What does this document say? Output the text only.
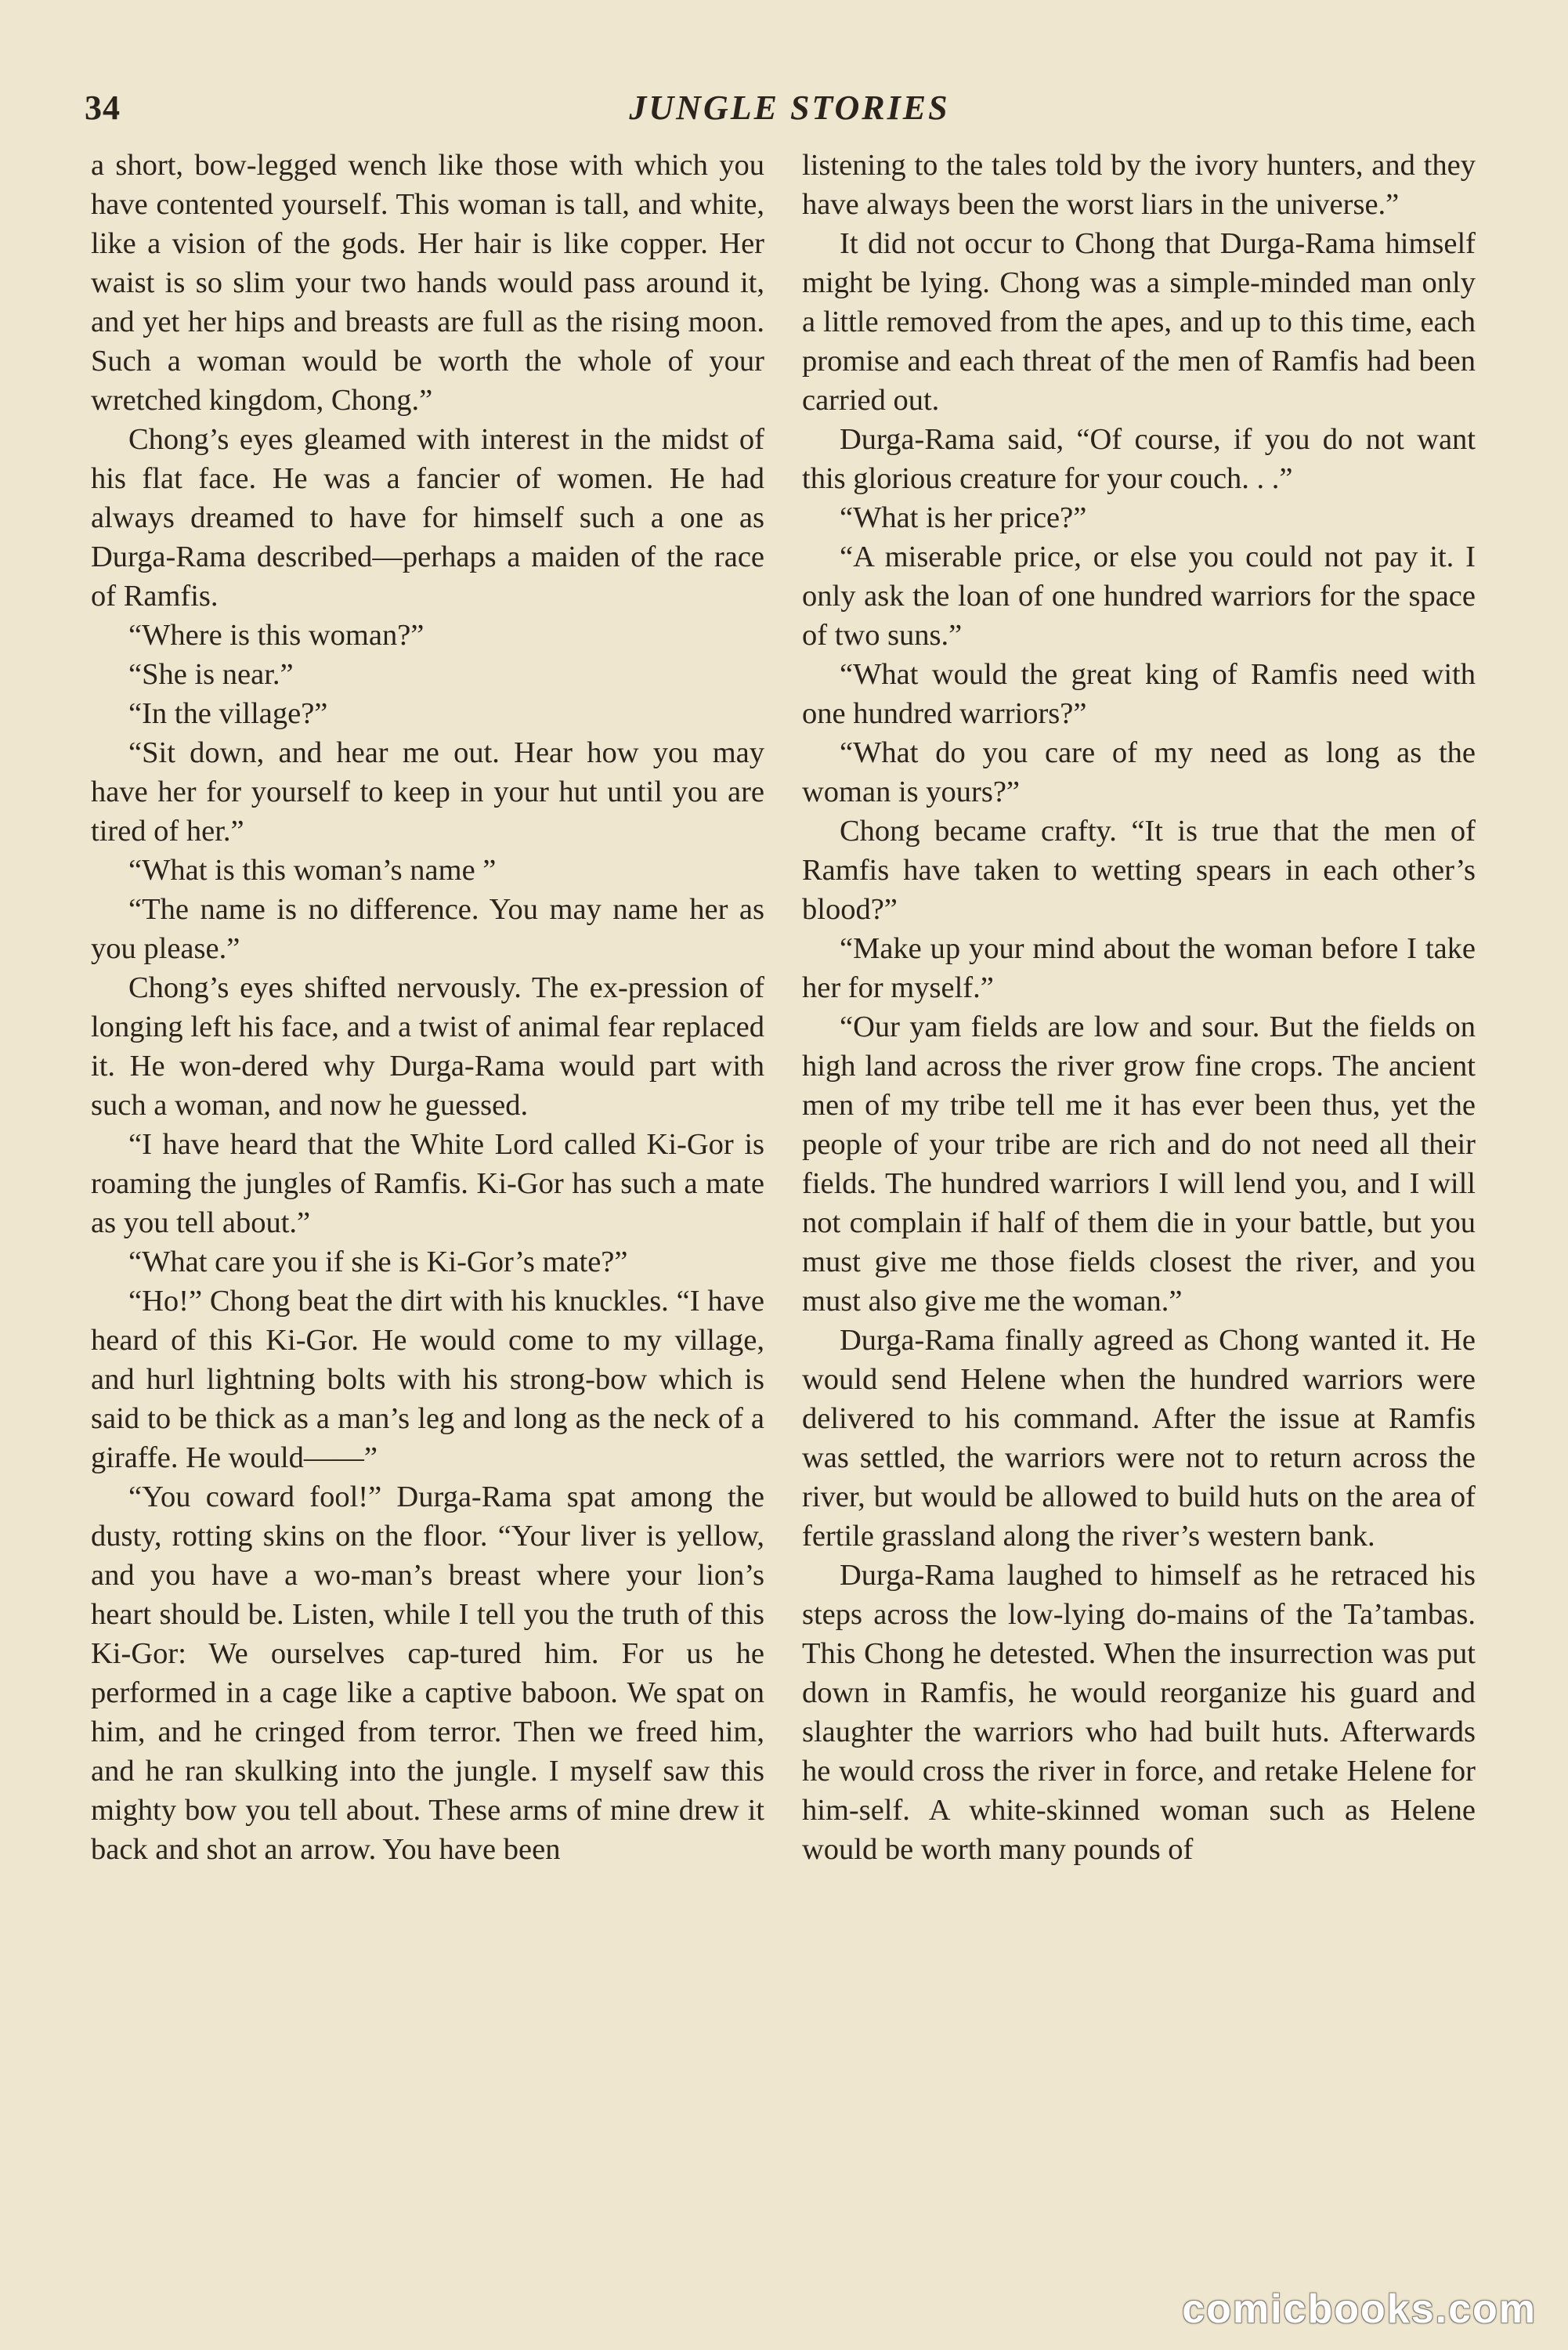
34	JUNGLE STORIES

a short, bow-legged wench like those with which you have contented yourself. This woman is tall, and white, like a vision of the gods. Her hair is like copper. Her waist is so slim your two hands would pass around it, and yet her hips and breasts are full as the rising moon. Such a woman would be worth the whole of your wretched kingdom, Chong.”

Chong’s eyes gleamed with interest in the midst of his flat face. He was a fancier of women. He had always dreamed to have for himself such a one as Durga-Rama described—perhaps a maiden of the race of Ramfis.

“Where is this woman?”

“She is near.”

“In the village?”

“Sit down, and hear me out. Hear how you may have her for yourself to keep in your hut until you are tired of her.”

“What is this woman’s name ”

“The name is no difference. You may name her as you please.”

Chong’s eyes shifted nervously. The ex-pression of longing left his face, and a twist of animal fear replaced it. He won-dered why Durga-Rama would part with such a woman, and now he guessed.

“I have heard that the White Lord called Ki-Gor is roaming the jungles of Ramfis. Ki-Gor has such a mate as you tell about.”

“What care you if she is Ki-Gor’s mate?”

“Ho!” Chong beat the dirt with his knuckles. “I have heard of this Ki-Gor. He would come to my village, and hurl lightning bolts with his strong-bow which is said to be thick as a man’s leg and long as the neck of a giraffe. He would——”

“You coward fool!” Durga-Rama spat among the dusty, rotting skins on the floor. “Your liver is yellow, and you have a wo-man’s breast where your lion’s heart should be. Listen, while I tell you the truth of this Ki-Gor: We ourselves cap-tured him. For us he performed in a cage like a captive baboon. We spat on him, and he cringed from terror. Then we freed him, and he ran skulking into the jungle. I myself saw this mighty bow you tell about. These arms of mine drew it back and shot an arrow. You have been

listening to the tales told by the ivory hunters, and they have always been the worst liars in the universe.”

It did not occur to Chong that Durga-Rama himself might be lying. Chong was a simple-minded man only a little removed from the apes, and up to this time, each promise and each threat of the men of Ramfis had been carried out.

Durga-Rama said, “Of course, if you do not want this glorious creature for your couch. . .”

“What is her price?”

“A miserable price, or else you could not pay it. I only ask the loan of one hundred warriors for the space of two suns.”

“What would the great king of Ramfis need with one hundred warriors?”

“What do you care of my need as long as the woman is yours?”

Chong became crafty. “It is true that the men of Ramfis have taken to wetting spears in each other’s blood?”

“Make up your mind about the woman before I take her for myself.”

“Our yam fields are low and sour. But the fields on high land across the river grow fine crops. The ancient men of my tribe tell me it has ever been thus, yet the people of your tribe are rich and do not need all their fields. The hundred warriors I will lend you, and I will not complain if half of them die in your battle, but you must give me those fields closest the river, and you must also give me the woman.”

Durga-Rama finally agreed as Chong wanted it. He would send Helene when the hundred warriors were delivered to his command. After the issue at Ramfis was settled, the warriors were not to return across the river, but would be allowed to build huts on the area of fertile grassland along the river’s western bank.

Durga-Rama laughed to himself as he retraced his steps across the low-lying do-mains of the Ta’tambas. This Chong he detested. When the insurrection was put down in Ramfis, he would reorganize his guard and slaughter the warriors who had built huts. Afterwards he would cross the river in force, and retake Helene for him-self. A white-skinned woman such as Helene would be worth many pounds of

comicbooks.com
